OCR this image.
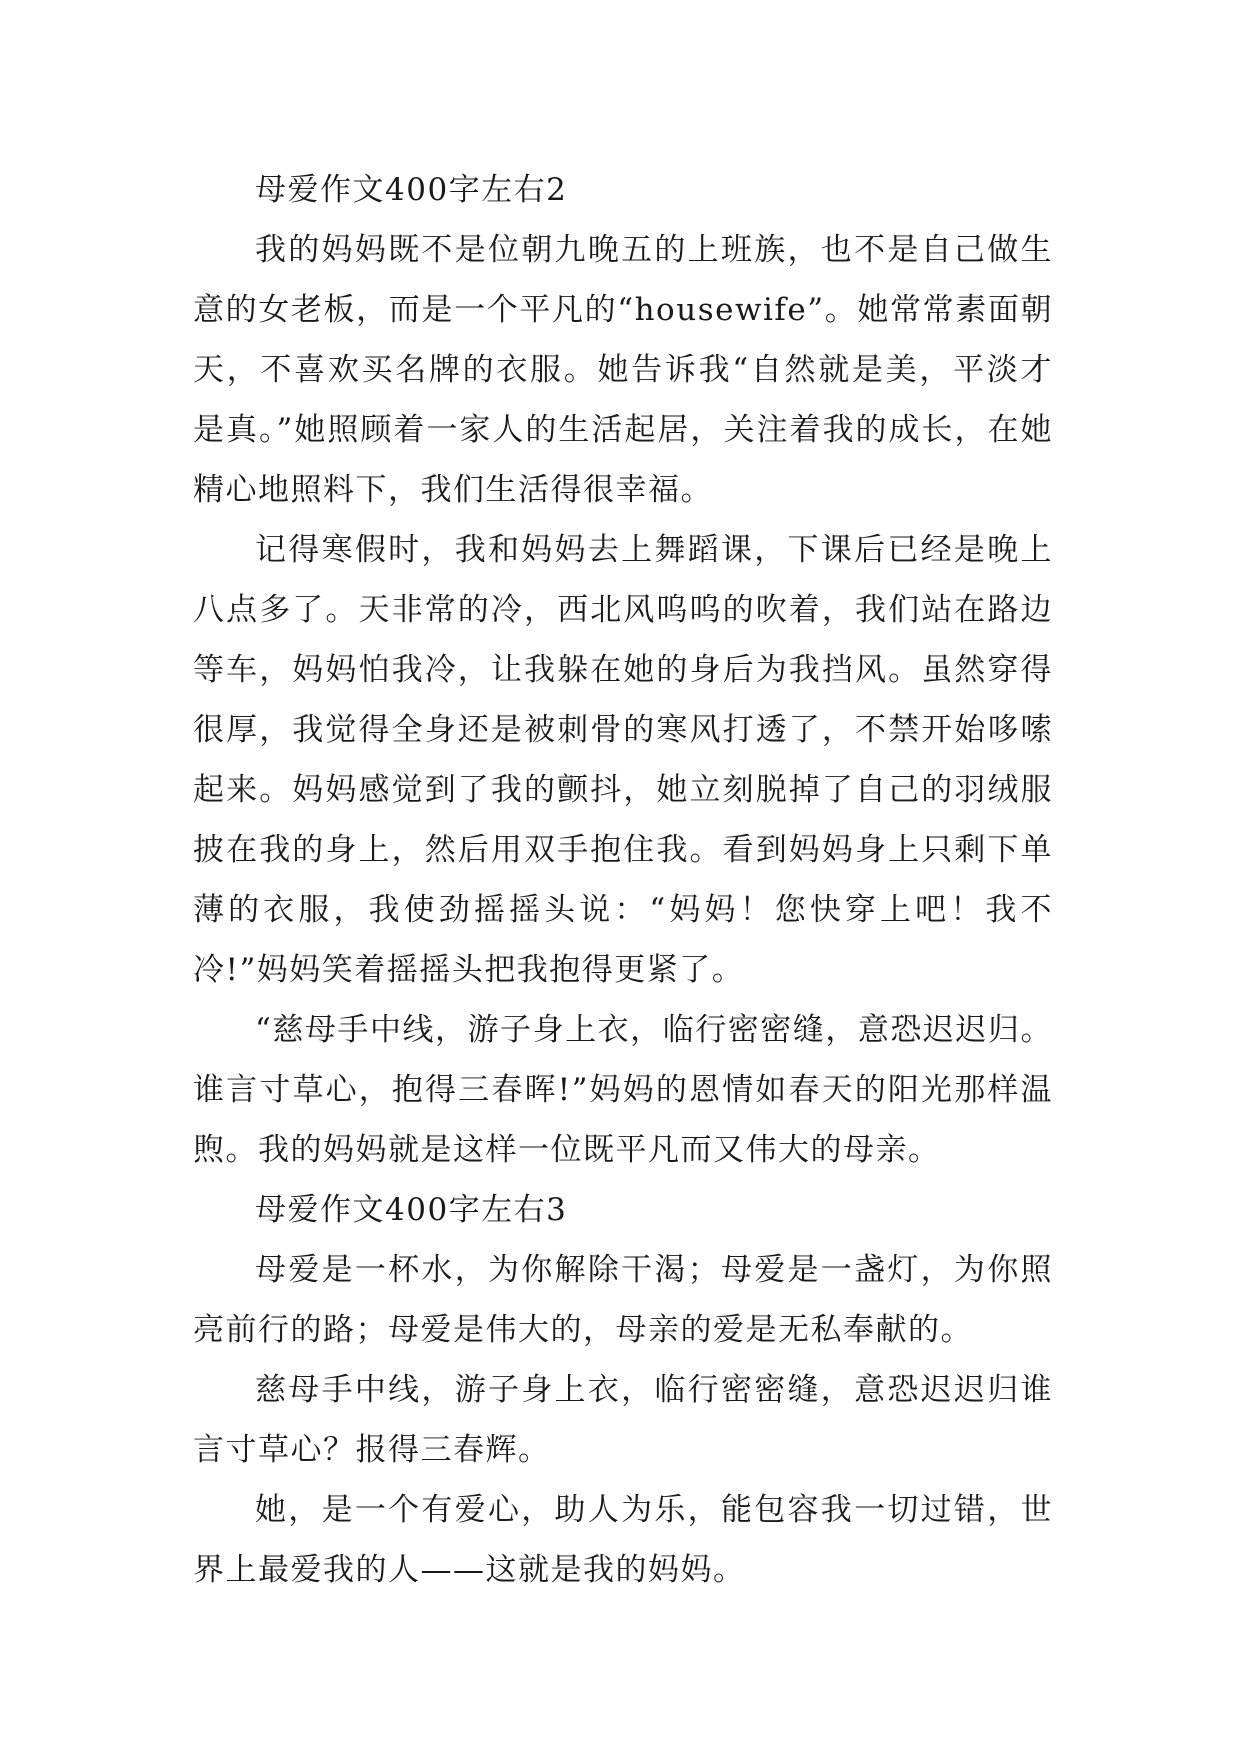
母爱作文400字左右2

我的妈妈既不是位朝九晚五的上班族，也不是自己做生意的女老板，而是一个平凡的“housewife”。她常常素面朝天，不喜欢买名牌的衣服。她告诉我“自然就是美，平淡才是真。”她照顾着一家人的生活起居，关注着我的成长，在她精心地照料下，我们生活得很幸福。

记得寒假时，我和妈妈去上舞蹈课，下课后已经是晚上八点多了。天非常的冷，西北风呜呜的吹着，我们站在路边等车，妈妈怕我冷，让我躲在她的身后为我挡风。虽然穿得很厚，我觉得全身还是被刺骨的寒风打透了，不禁开始哆嗦起来。妈妈感觉到了我的颤抖，她立刻脱掉了自己的羽绒服披在我的身上，然后用双手抱住我。看到妈妈身上只剩下单薄的衣服，我使劲摇摇头说：“妈妈！您快穿上吧！我不冷!”妈妈笑着摇摇头把我抱得更紧了。

“慈母手中线，游子身上衣，临行密密缝，意恐迟迟归。谁言寸草心，抱得三春晖!”妈妈的恩情如春天的阳光那样温煦。我的妈妈就是这样一位既平凡而又伟大的母亲。

母爱作文400字左右3

母爱是一杯水，为你解除干渴；母爱是一盏灯，为你照亮前行的路；母爱是伟大的，母亲的爱是无私奉献的。

慈母手中线，游子身上衣，临行密密缝，意恐迟迟归谁言寸草心？报得三春辉。

她，是一个有爱心，助人为乐，能包容我一切过错，世界上最爱我的人——这就是我的妈妈。
